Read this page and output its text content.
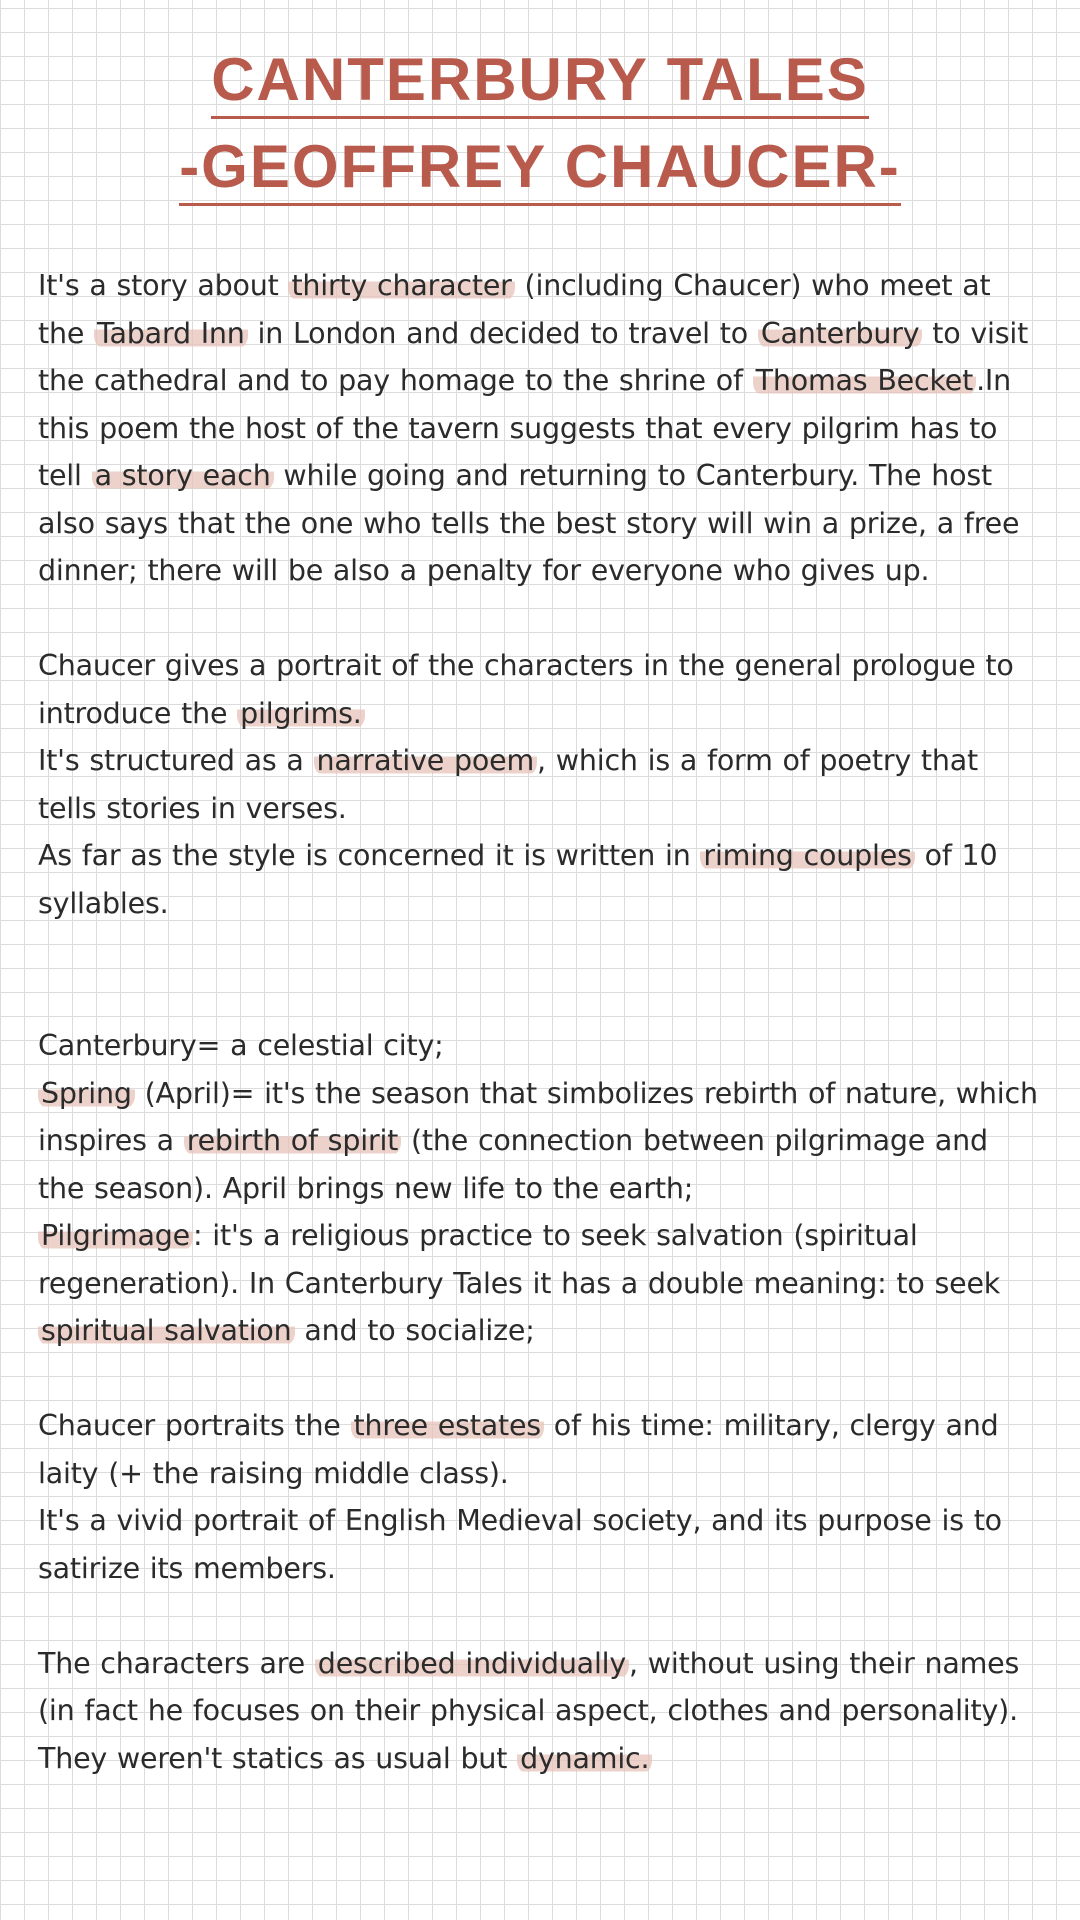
CANTERBURY TALES
-GEOFFREY CHAUCER-

It's a story about thirty character (including Chaucer) who meet at the Tabard Inn in London and decided to travel to Canterbury to visit the cathedral and to pay homage to the shrine of Thomas Becket .In this poem the host of the tavern suggests that every pilgrim has to tell a story each while going and returning to Canterbury. The host also says that the one who tells the best story will win a prize, a free dinner; there will be also a penalty for everyone who gives up.

Chaucer gives a portrait of the characters in the general prologue to introduce the pilgrims.

It's structured as a narrative poem , which is a form of poetry that tells stories in verses.

As far as the style is concerned it is written in riming couples of 10 syllables.

Canterbury= a celestial city;

Spring (April)= it's the season that simbolizes rebirth of nature, which inspires a rebirth of spirit (the connection between pilgrimage and the season). April brings new life to the earth;

Pilgrimage : it's a religious practice to seek salvation (spiritual regeneration). In Canterbury Tales it has a double meaning: to seek spiritual salvation and to socialize;

Chaucer portraits the three estates of his time: military, clergy and laity (+ the raising middle class).

It's a vivid portrait of English Medieval society, and its purpose is to satirize its members.

The characters are described individually , without using their names (in fact he focuses on their physical aspect, clothes and personality). They weren't statics as usual but dynamic.
